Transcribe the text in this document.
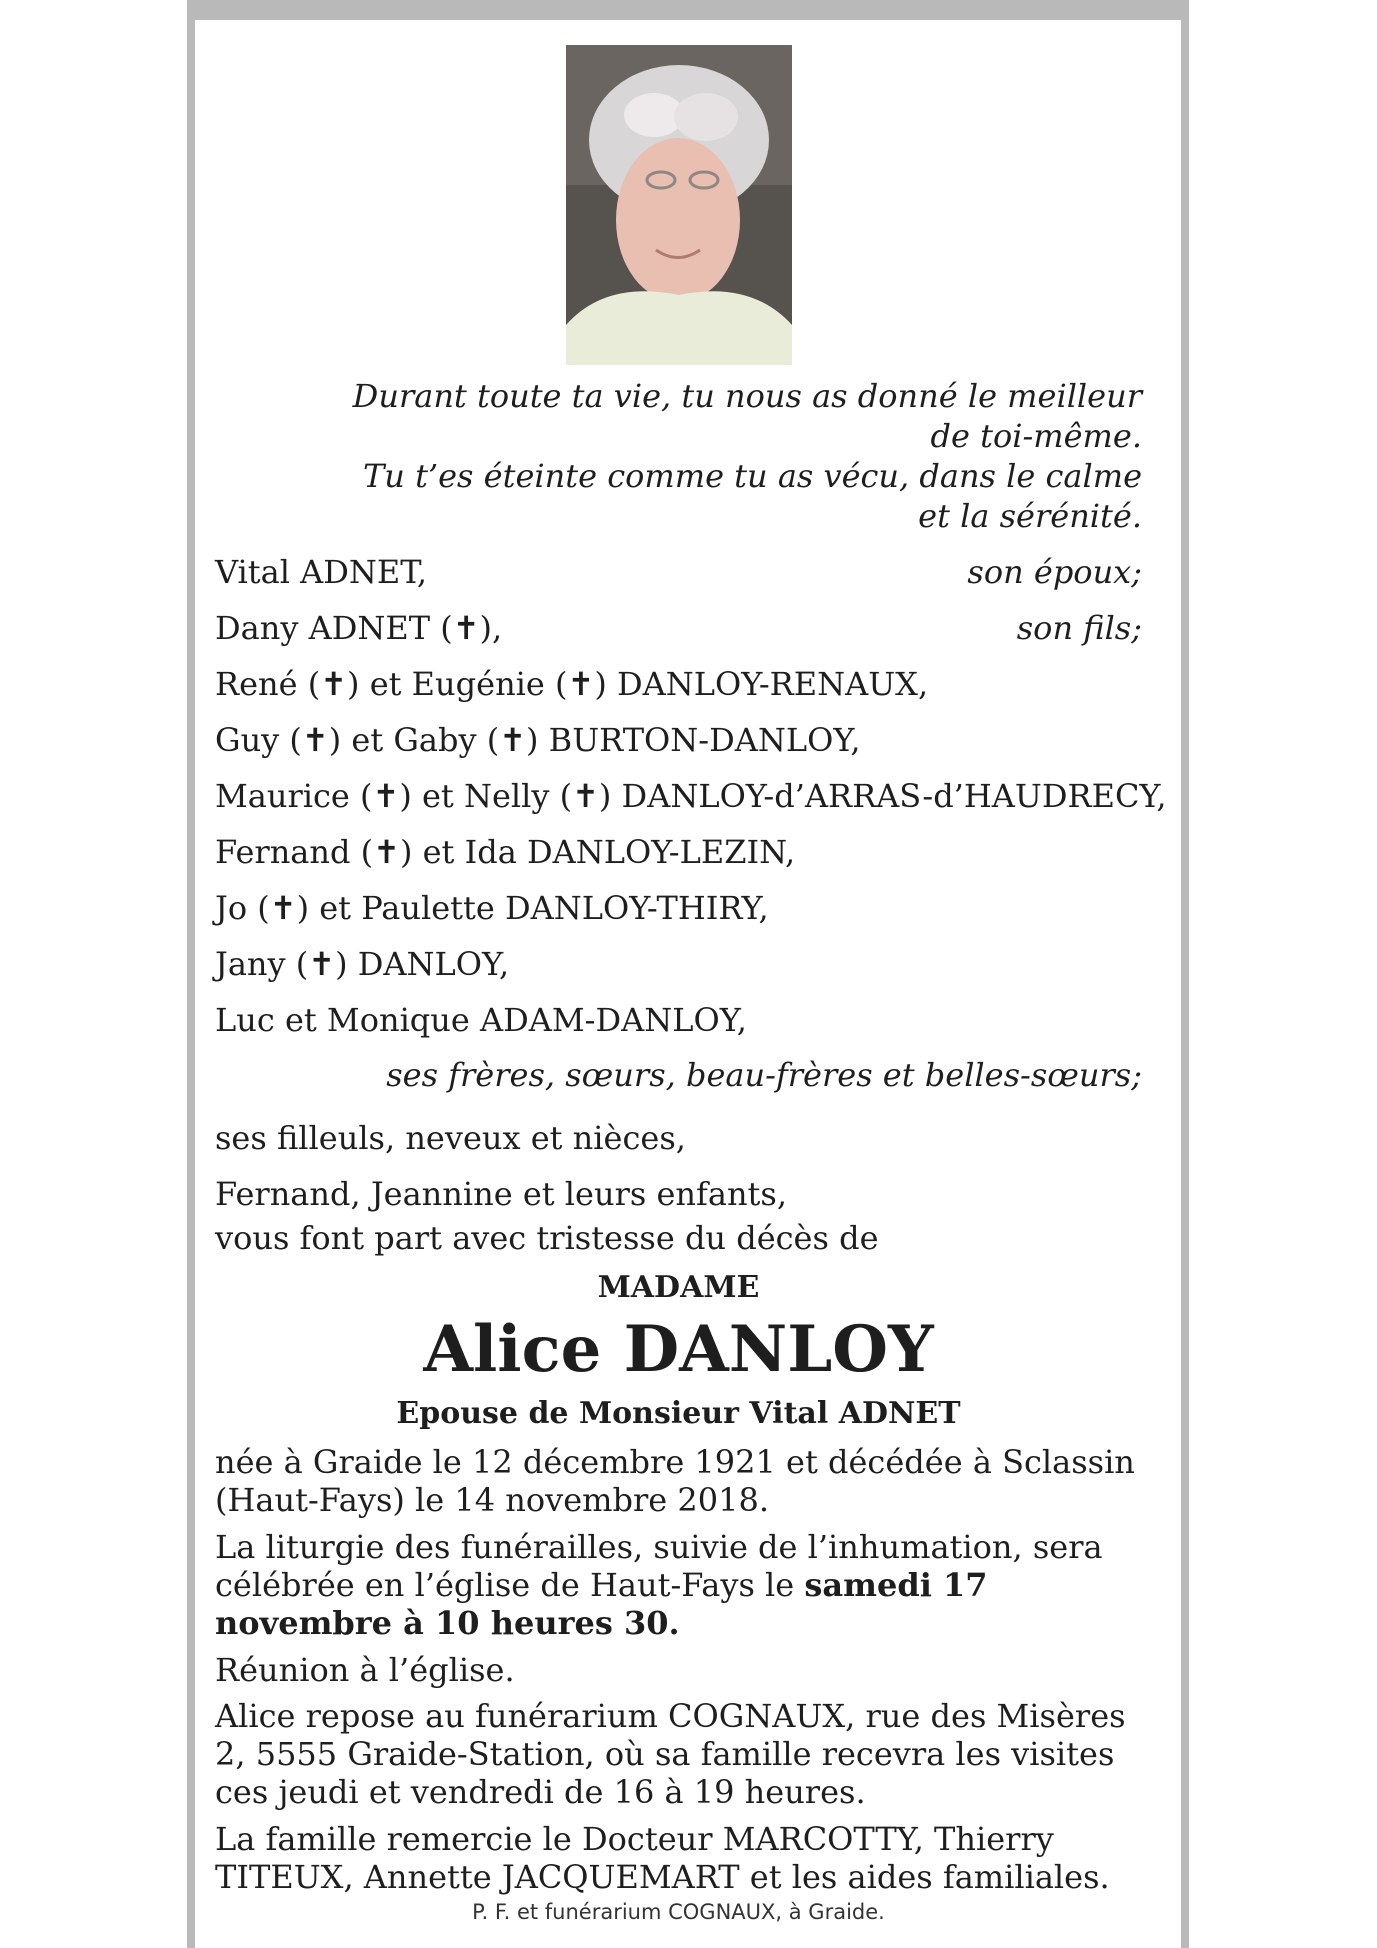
Durant toute ta vie, tu nous as donné le meilleur de toi-même.
Tu t’es éteinte comme tu as vécu, dans le calme et la sérénité.
Vital ADNET,	son époux;
Dany ADNET (✝),	son fils;
René (✝) et Eugénie (✝) DANLOY-RENAUX,
Guy (✝) et Gaby (✝) BURTON-DANLOY,
Maurice (✝) et Nelly (✝) DANLOY-d’ARRAS-d’HAUDRECY,
Fernand (✝) et Ida DANLOY-LEZIN,
Jo (✝) et Paulette DANLOY-THIRY,
Jany (✝) DANLOY,
Luc et Monique ADAM-DANLOY,
ses frères, sœurs, beau-frères et belles-sœurs;
ses filleuls, neveux et nièces,
Fernand, Jeannine et leurs enfants,
vous font part avec tristesse du décès de
MADAME
Alice DANLOY
Epouse de Monsieur Vital ADNET
née à Graide le 12 décembre 1921 et décédée à Sclassin (Haut-Fays) le 14 novembre 2018.
La liturgie des funérailles, suivie de l’inhumation, sera célébrée en l’église de Haut-Fays le samedi 17 novembre à 10 heures 30.
Réunion à l’église.
Alice repose au funérarium COGNAUX, rue des Misères 2, 5555 Graide-Station, où sa famille recevra les visites ces jeudi et vendredi de 16 à 19 heures.
La famille remercie le Docteur MARCOTTY, Thierry TITEUX, Annette JACQUEMART et les aides familiales.
P. F. et funérarium COGNAUX, à Graide.
